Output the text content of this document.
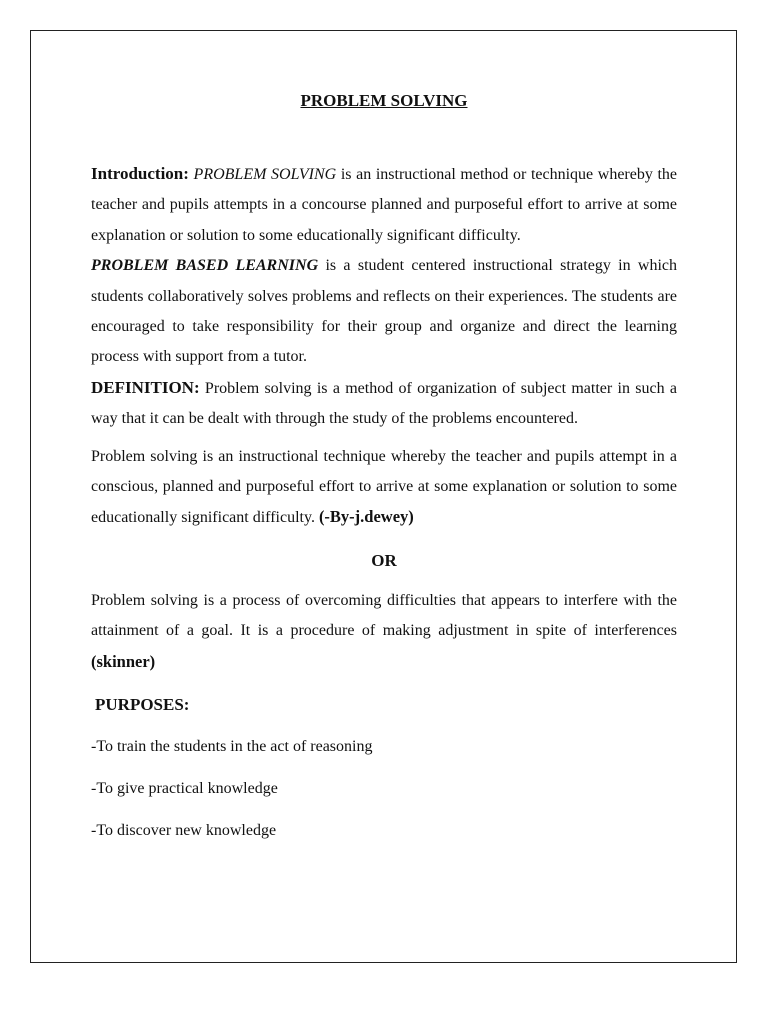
PROBLEM SOLVING

Introduction: PROBLEM SOLVING is an instructional method or technique whereby the teacher and pupils attempts in a concourse planned and purposeful effort to arrive at some explanation or solution to some educationally significant difficulty.

PROBLEM BASED LEARNING is a student centered instructional strategy in which students collaboratively solves problems and reflects on their experiences. The students are encouraged to take responsibility for their group and organize and direct the learning process with support from a tutor.

DEFINITION: Problem solving is a method of organization of subject matter in such a way that it can be dealt with through the study of the problems encountered.

Problem solving is an instructional technique whereby the teacher and pupils attempt in a conscious, planned and purposeful effort to arrive at some explanation or solution to some educationally significant difficulty. (-By-j.dewey)

OR

Problem solving is a process of overcoming difficulties that appears to interfere with the attainment of a goal. It is a procedure of making adjustment in spite of interferences (skinner)

PURPOSES:
-To train the students in the act of reasoning
-To give practical knowledge
-To discover new knowledge
